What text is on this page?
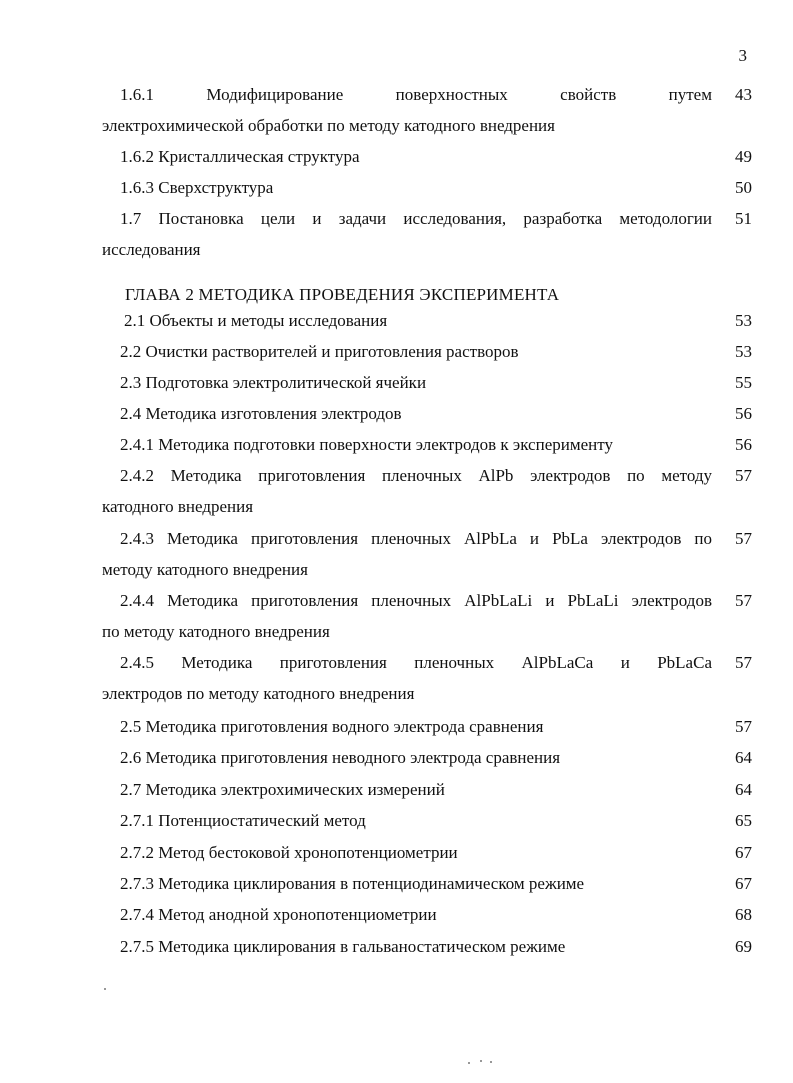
3
1.6.1 Модифицирование поверхностных свойств путем	43
электрохимической обработки по методу катодного внедрения
1.6.2 Кристаллическая структура	49
1.6.3 Сверхструктура	50
1.7 Постановка цели и задачи исследования, разработка методологии	51
исследования
ГЛАВА 2 МЕТОДИКА ПРОВЕДЕНИЯ ЭКСПЕРИМЕНТА
2.1 Объекты и методы исследования	53
2.2 Очистки растворителей и приготовления растворов	53
2.3 Подготовка электролитической ячейки	55
2.4 Методика изготовления электродов	56
2.4.1 Методика подготовки поверхности электродов к эксперименту	56
2.4.2 Методика приготовления пленочных AlPb электродов по методу	57
катодного внедрения
2.4.3 Методика приготовления пленочных AlPbLa и PbLa электродов по	57
методу катодного внедрения
2.4.4 Методика приготовления пленочных AlPbLaLi и PbLaLi электродов	57
по методу катодного внедрения
2.4.5 Методика приготовления пленочных AlPbLaCa и PbLaCa	57
электродов по методу катодного внедрения
2.5 Методика приготовления водного электрода сравнения	57
2.6 Методика приготовления неводного электрода сравнения	64
2.7 Методика электрохимических измерений	64
2.7.1 Потенциостатический метод	65
2.7.2 Метод бестоковой хронопотенциометрии	67
2.7.3 Методика циклирования в потенциодинамическом режиме	67
2.7.4 Метод анодной хронопотенциометрии	68
2.7.5 Методика циклирования в гальваностатическом режиме	69
